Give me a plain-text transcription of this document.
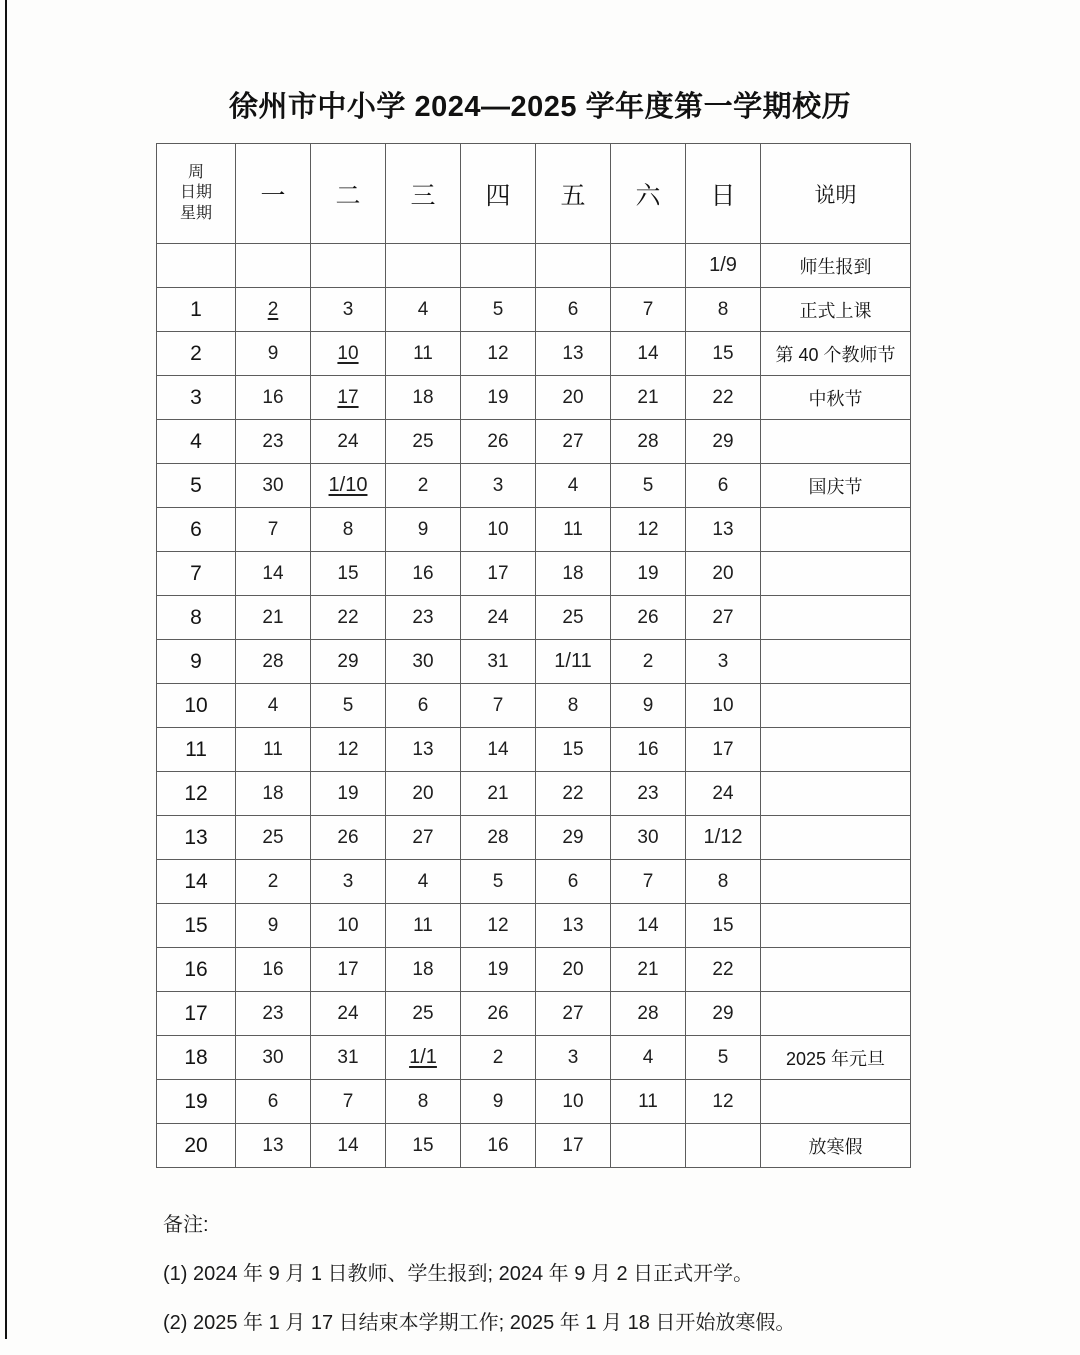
徐州市中小学 2024—2025 学年度第一学期校历
周
日期
星期	一	二	三	四	五	六	日	说明
							1/9	师生报到
1	2	3	4	5	6	7	8	正式上课
2	9	10	11	12	13	14	15	第 40 个教师节
3	16	17	18	19	20	21	22	中秋节
4	23	24	25	26	27	28	29	
5	30	1/10	2	3	4	5	6	国庆节
6	7	8	9	10	11	12	13	
7	14	15	16	17	18	19	20	
8	21	22	23	24	25	26	27	
9	28	29	30	31	1/11	2	3	
10	4	5	6	7	8	9	10	
11	11	12	13	14	15	16	17	
12	18	19	20	21	22	23	24	
13	25	26	27	28	29	30	1/12	
14	2	3	4	5	6	7	8	
15	9	10	11	12	13	14	15	
16	16	17	18	19	20	21	22	
17	23	24	25	26	27	28	29	
18	30	31	1/1	2	3	4	5	2025 年元旦
19	6	7	8	9	10	11	12	
20	13	14	15	16	17			放寒假

备注:

(1) 2024 年 9 月 1 日教师、学生报到; 2024 年 9 月 2 日正式开学。

(2) 2025 年 1 月 17 日结束本学期工作; 2025 年 1 月 18 日开始放寒假。
